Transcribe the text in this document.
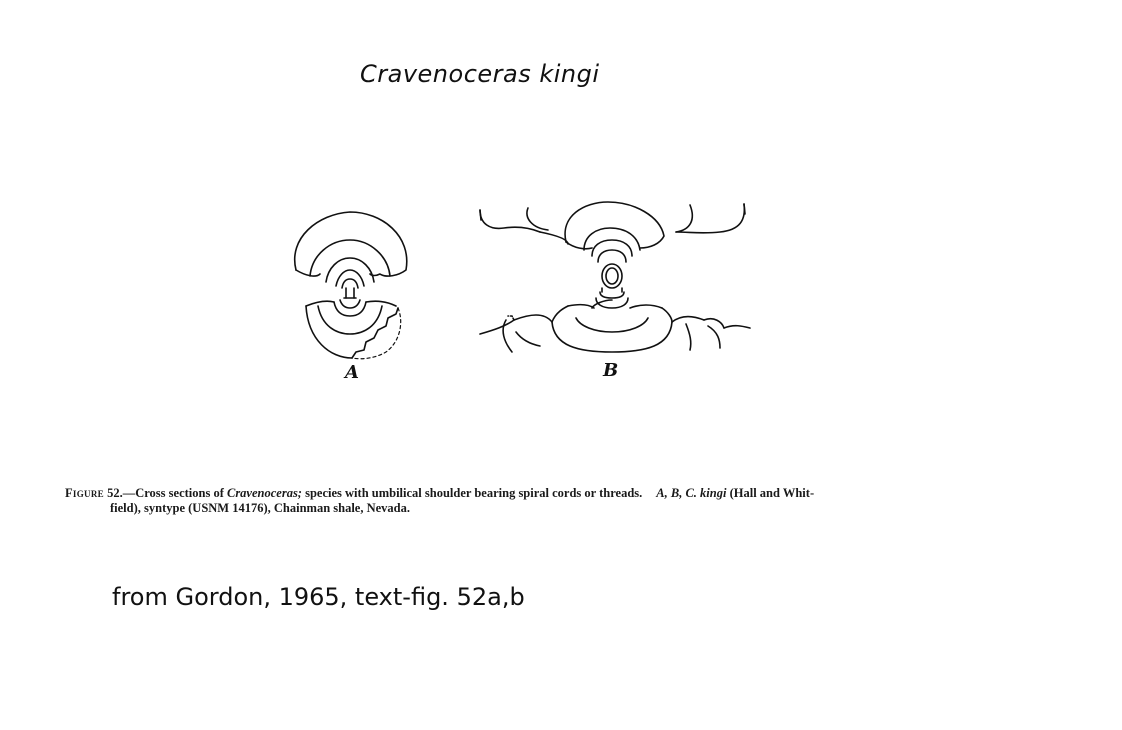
Cravenoceras kingi
A	B
Figure 52.—Cross sections of Cravenoceras; species with umbilical shoulder bearing spiral cords or threads. A, B, C. kingi (Hall and Whit-
field), syntype (USNM 14176), Chainman shale, Nevada.
from Gordon, 1965, text-fig. 52a,b
